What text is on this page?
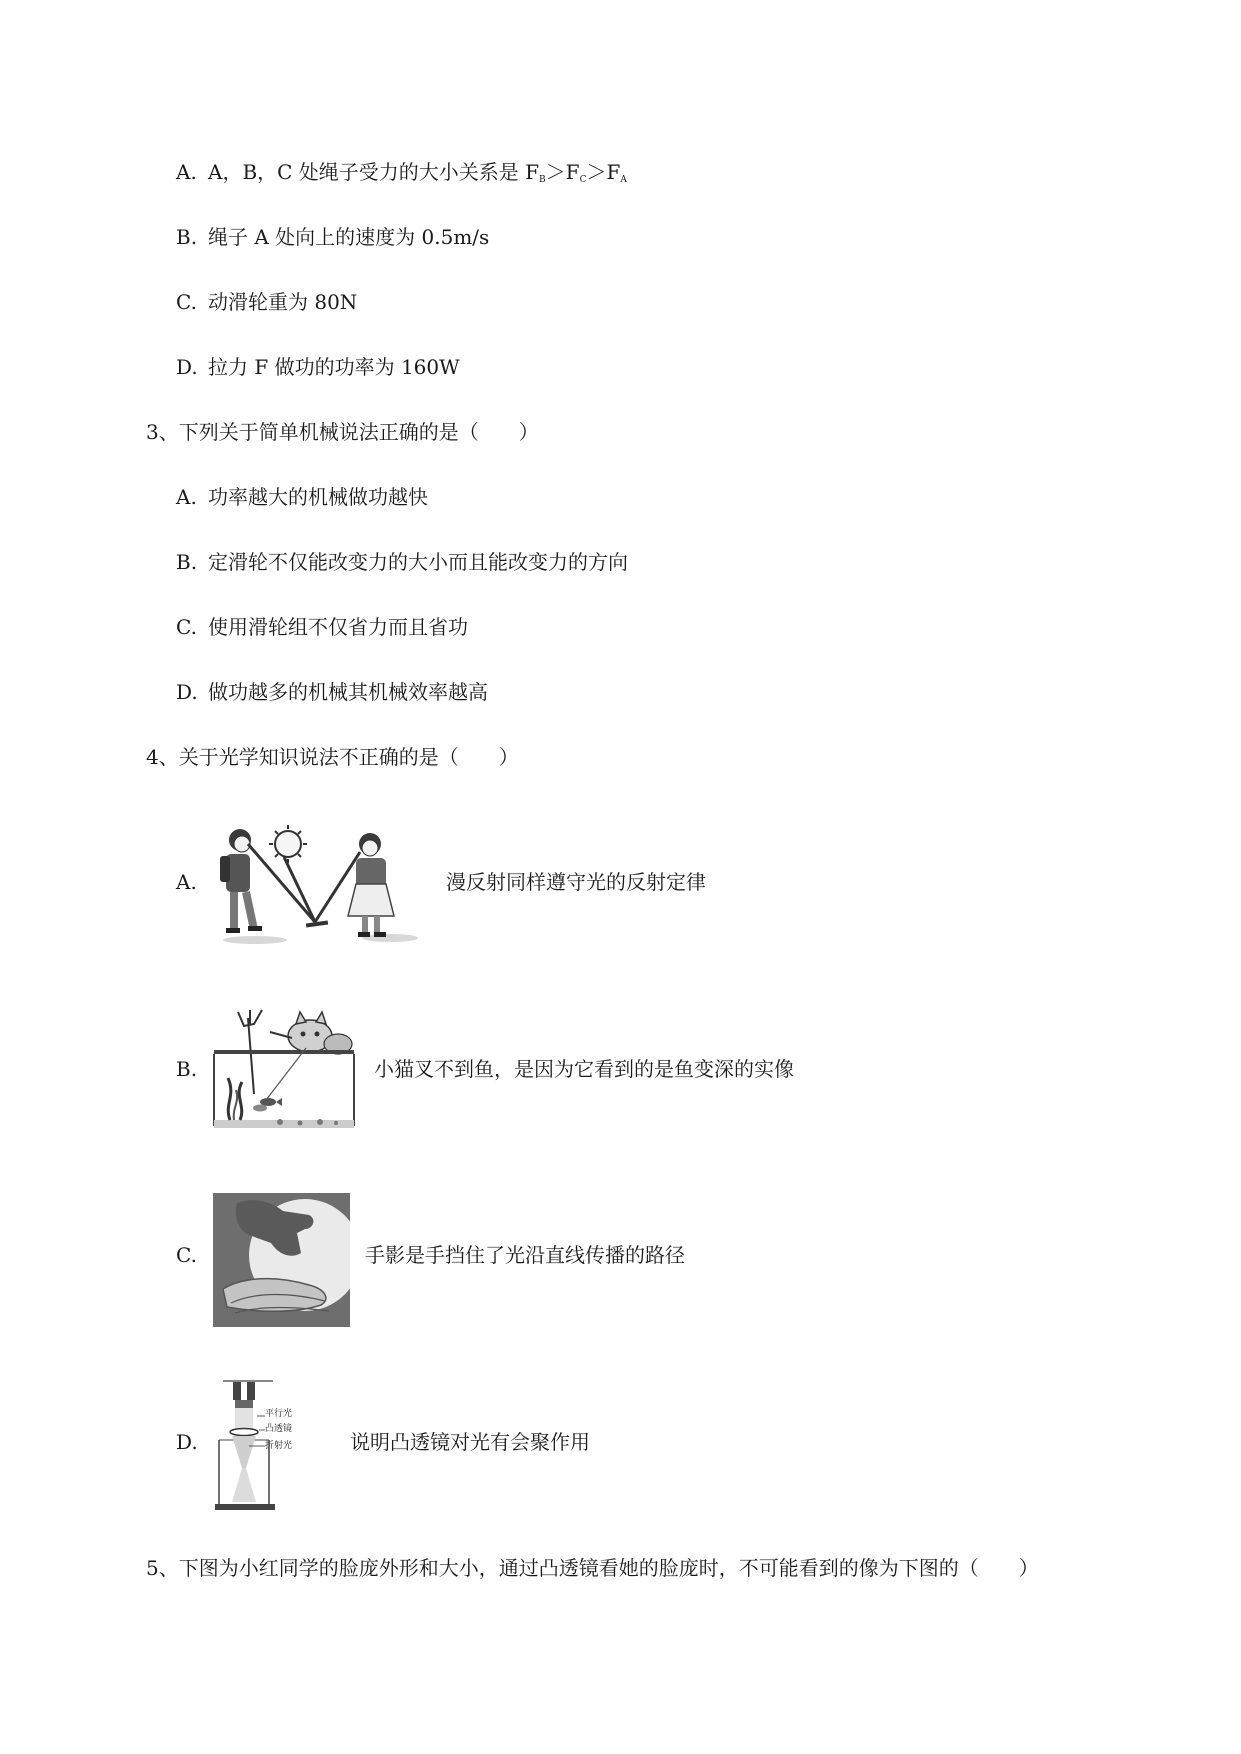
A. A，B，C 处绳子受力的大小关系是 $F_B>F_C>F_A$
B. 绳子 A 处向上的速度为 0.5m/s
C. 动滑轮重为 80N
D. 拉力 F 做功的功率为 160W
3、下列关于简单机械说法正确的是（　　）
A. 功率越大的机械做功越快
B. 定滑轮不仅能改变力的大小而且能改变力的方向
C. 使用滑轮组不仅省力而且省功
D. 做功越多的机械其机械效率越高
4、关于光学知识说法不正确的是（　　）
A.	漫反射同样遵守光的反射定律
B.	小猫叉不到鱼，是因为它看到的是鱼变深的实像
C.	手影是手挡住了光沿直线传播的路径
D.
平行光
凸透镜
折射光	说明凸透镜对光有会聚作用
5、下图为小红同学的脸庞外形和大小，通过凸透镜看她的脸庞时，不可能看到的像为下图的（　　）
